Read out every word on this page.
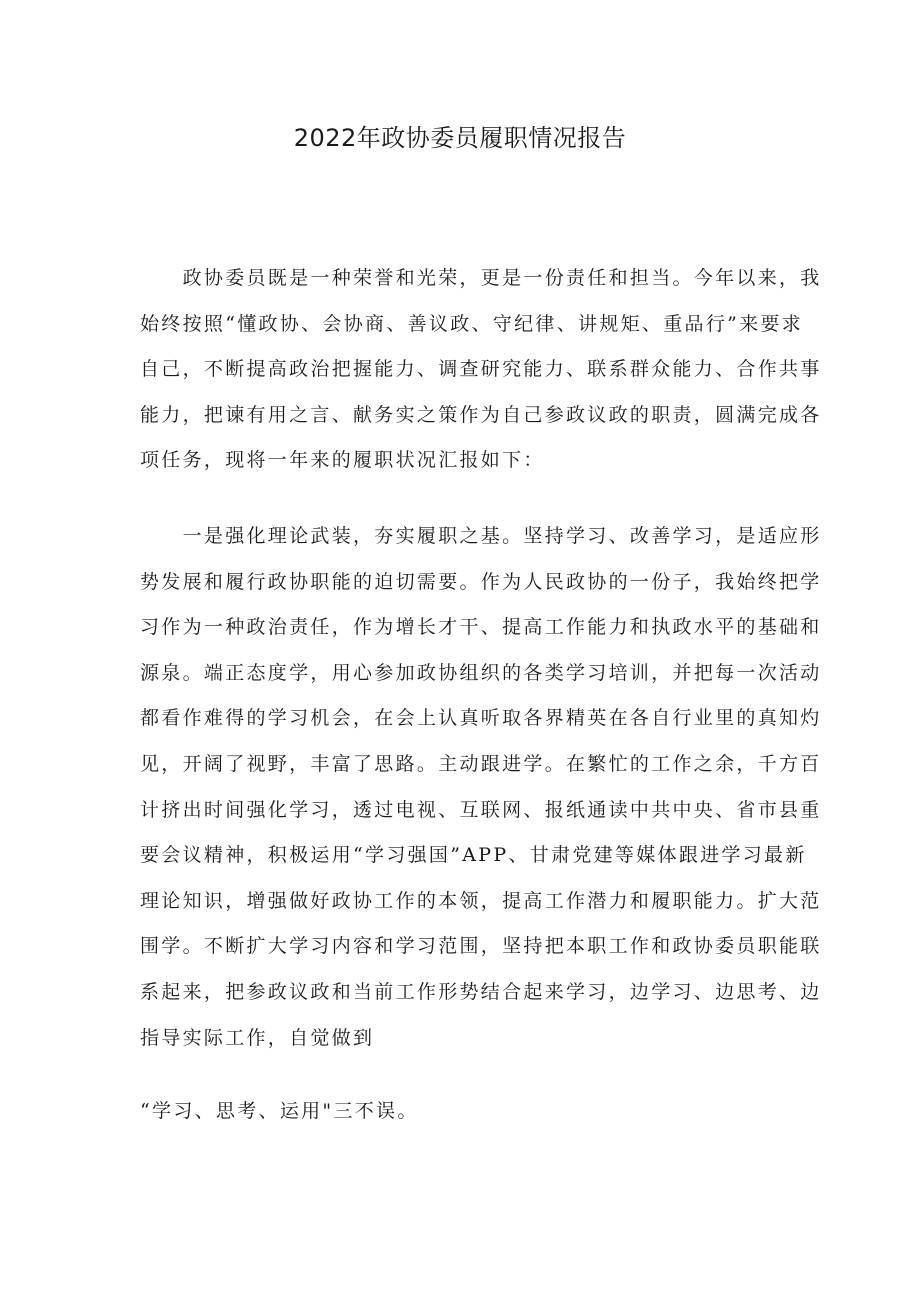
2022年政协委员履职情况报告
　　政协委员既是一种荣誉和光荣，更是一份责任和担当。今年以来，我
始终按照“懂政协、会协商、善议政、守纪律、讲规矩、重品行”来要求
自己，不断提高政治把握能力、调查研究能力、联系群众能力、合作共事
能力，把谏有用之言、献务实之策作为自己参政议政的职责，圆满完成各
项任务，现将一年来的履职状况汇报如下：
　　一是强化理论武装，夯实履职之基。坚持学习、改善学习，是适应形
势发展和履行政协职能的迫切需要。作为人民政协的一份子，我始终把学
习作为一种政治责任，作为增长才干、提高工作能力和执政水平的基础和
源泉。端正态度学，用心参加政协组织的各类学习培训，并把每一次活动
都看作难得的学习机会，在会上认真听取各界精英在各自行业里的真知灼
见，开阔了视野，丰富了思路。主动跟进学。在繁忙的工作之余，千方百
计挤出时间强化学习，透过电视、互联网、报纸通读中共中央、省市县重
要会议精神，积极运用“学习强国”APP、甘肃党建等媒体跟进学习最新
理论知识，增强做好政协工作的本领，提高工作潜力和履职能力。扩大范
围学。不断扩大学习内容和学习范围，坚持把本职工作和政协委员职能联
系起来，把参政议政和当前工作形势结合起来学习，边学习、边思考、边
指导实际工作，自觉做到
“学习、思考、运用"三不误。
